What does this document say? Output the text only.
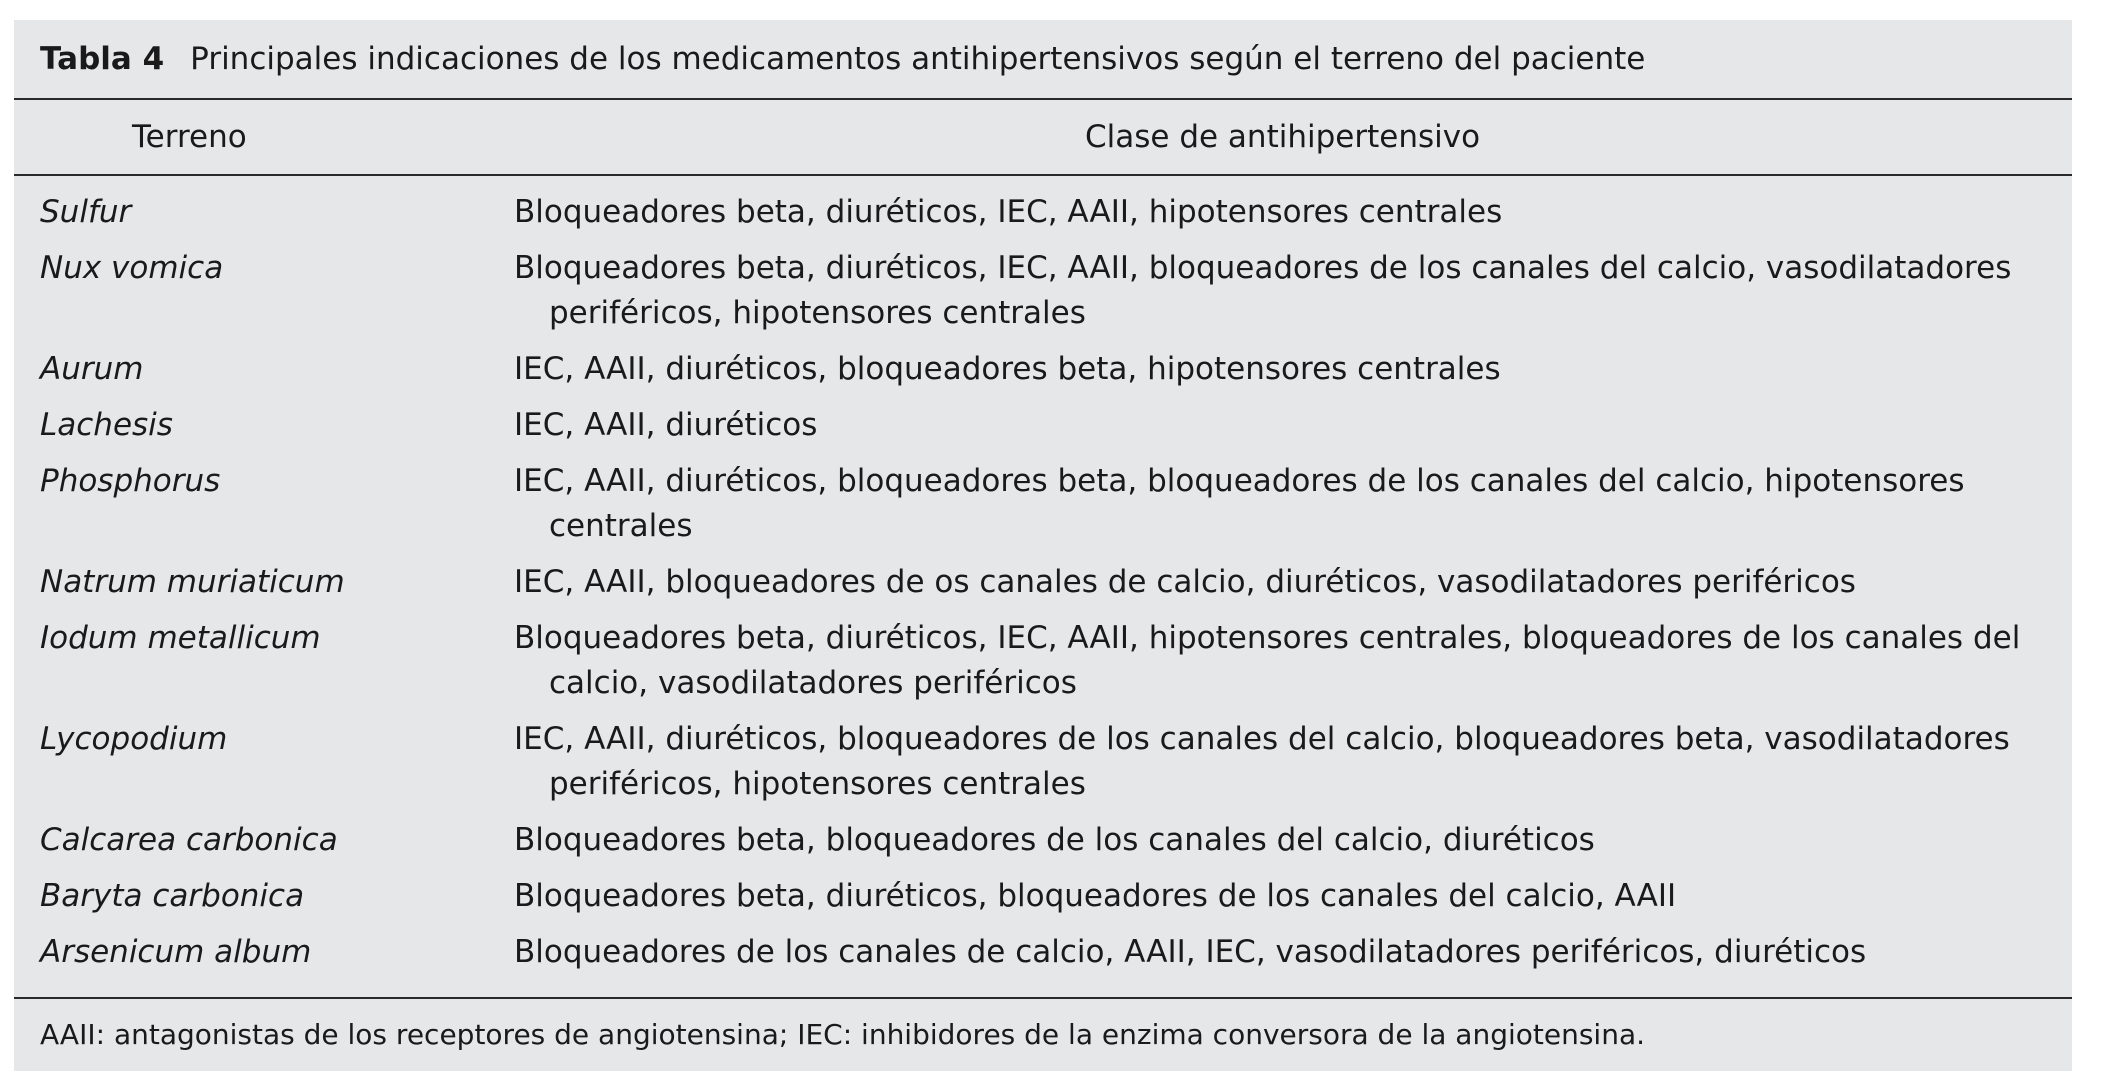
Tabla 4 Principales indicaciones de los medicamentos antihipertensivos según el terreno del paciente
Terreno	Clase de antihipertensivo
Sulfur	Bloqueadores beta, diuréticos, IEC, AAII, hipotensores centrales
Nux vomica	Bloqueadores beta, diuréticos, IEC, AAII, bloqueadores de los canales del calcio, vasodilatadores periféricos, hipotensores centrales
Aurum	IEC, AAII, diuréticos, bloqueadores beta, hipotensores centrales
Lachesis	IEC, AAII, diuréticos
Phosphorus	IEC, AAII, diuréticos, bloqueadores beta, bloqueadores de los canales del calcio, hipotensores centrales
Natrum muriaticum	IEC, AAII, bloqueadores de os canales de calcio, diuréticos, vasodilatadores periféricos
Iodum metallicum	Bloqueadores beta, diuréticos, IEC, AAII, hipotensores centrales, bloqueadores de los canales del calcio, vasodilatadores periféricos
Lycopodium	IEC, AAII, diuréticos, bloqueadores de los canales del calcio, bloqueadores beta, vasodilatadores periféricos, hipotensores centrales
Calcarea carbonica	Bloqueadores beta, bloqueadores de los canales del calcio, diuréticos
Baryta carbonica	Bloqueadores beta, diuréticos, bloqueadores de los canales del calcio, AAII
Arsenicum album	Bloqueadores de los canales de calcio, AAII, IEC, vasodilatadores periféricos, diuréticos
AAII: antagonistas de los receptores de angiotensina; IEC: inhibidores de la enzima conversora de la angiotensina.
